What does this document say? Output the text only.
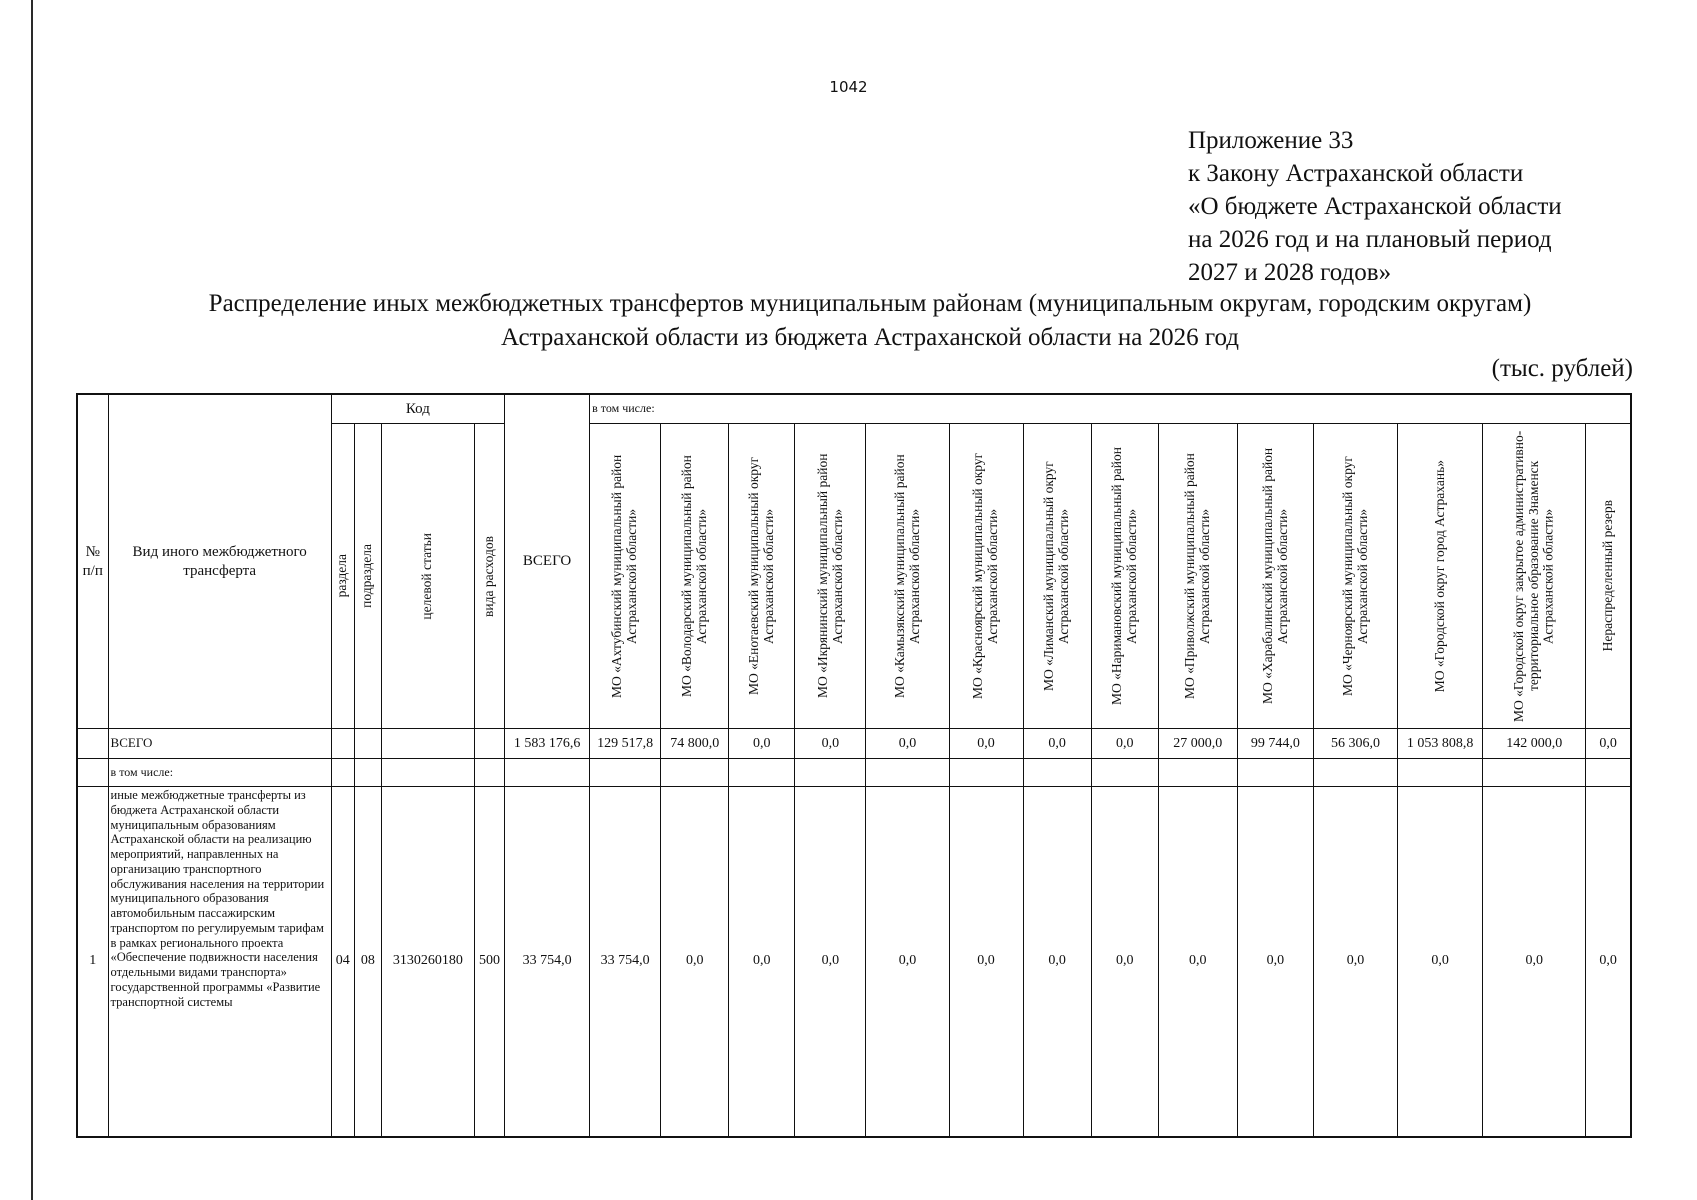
1042
Приложение 33
к Закону Астраханской области
«О бюджете Астраханской области
на 2026 год и на плановый период
2027 и 2028 годов»
Распределение иных межбюджетных трансфертов муниципальным районам (муниципальным округам, городским округам)
Астраханской области из бюджета Астраханской области на 2026 год
(тыс. рублей)
№ п/п	Вид иного межбюджетного трансферта	Код				ВСЕГО	в том числе:													

		раздела	подраздела	целевой статьи	вида расходов		МО «Ахтубинский муниципальный район Астраханской области»	МО «Володарский муниципальный район Астраханской области»	МО «Енотаевский муниципальный округ Астраханской области»	МО «Икрянинский муниципальный район Астраханской области»	МО «Камызякский муниципальный район Астраханской области»	МО «Красноярский муниципальный округ Астраханской области»	МО «Лиманский муниципальный округ Астраханской области»	МО «Наримановский муниципальный район Астраханской области»	МО «Приволжский муниципальный район Астраханской области»	МО «Харабалинский муниципальный район Астраханской области»	МО «Черноярский муниципальный округ Астраханской области»	МО «Городской округ город Астрахань»	МО «Городской округ закрытое административно-территориальное образование Знаменск Астраханской области»	Нераспределенный резерв

	ВСЕГО					1 583 176,6	129 517,8	74 800,0	0,0	0,0	0,0	0,0	0,0	0,0	27 000,0	99 744,0	56 306,0	1 053 808,8	142 000,0	0,0
	в том числе:																			
1	иные межбюджетные трансферты из бюджета Астраханской области муниципальным образованиям Астраханской области на реализацию мероприятий, направленных на организацию транспортного обслуживания населения на территории муниципального образования автомобильным пассажирским транспортом по регулируемым тарифам в рамках регионального проекта «Обеспечение подвижности населения отдельными видами транспорта» государственной программы «Развитие транспортной системы	04	08	3130260180	500	33 754,0	33 754,0	0,0	0,0	0,0	0,0	0,0	0,0	0,0	0,0	0,0	0,0	0,0	0,0	0,0
